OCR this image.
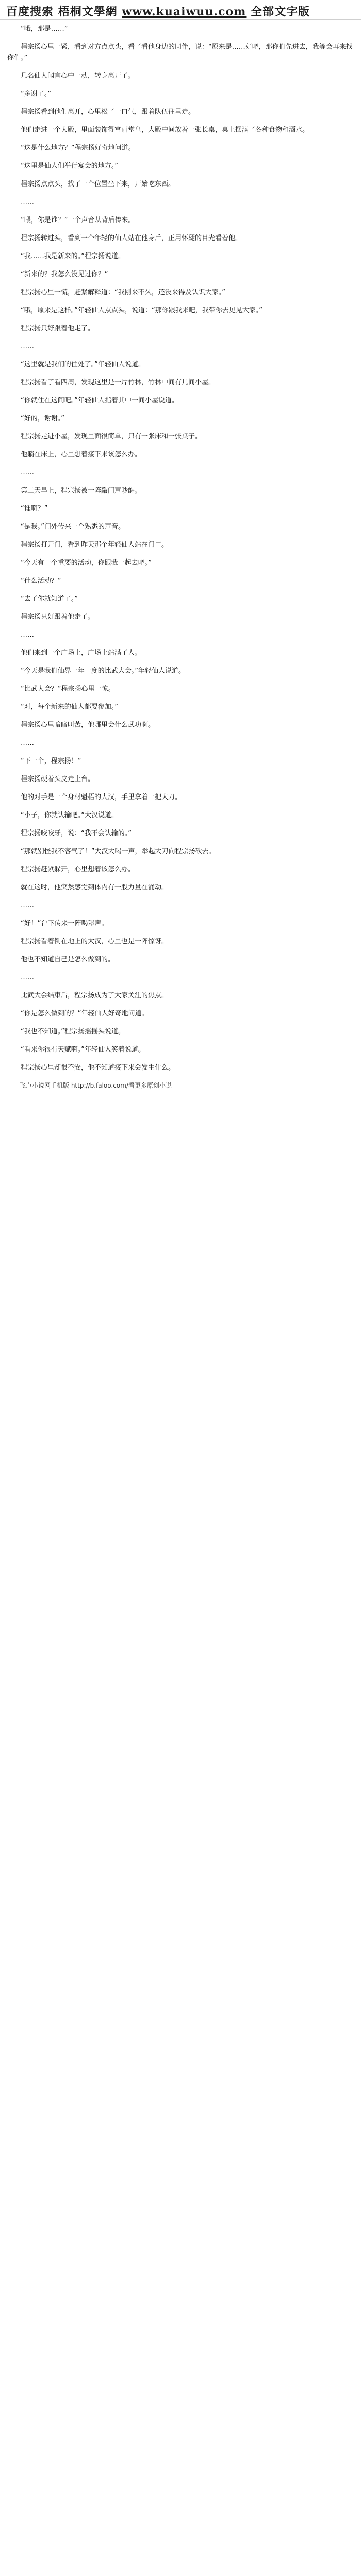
百度搜索 梧桐文學網 www.kuaiwuu.com 全部文字版

“哦，那是……”

程宗扬心里一紧，看到对方点点头，看了看他身边的同伴，说：“原来是……好吧，那你们先进去，我等会再来找你们。”

几名仙人闻言心中一动，转身离开了。

“多谢了。”

程宗扬看到他们离开，心里松了一口气，跟着队伍往里走。

他们走进一个大殿，里面装饰得富丽堂皇，大殿中间放着一张长桌，桌上摆满了各种食物和酒水。

“这是什么地方？”程宗扬好奇地问道。

“这里是仙人们举行宴会的地方。”

程宗扬点点头，找了一个位置坐下来，开始吃东西。

……

“喂，你是谁？”一个声音从背后传来。

程宗扬转过头，看到一个年轻的仙人站在他身后，正用怀疑的目光看着他。

“我……我是新来的。”程宗扬说道。

“新来的？我怎么没见过你？”

程宗扬心里一慌，赶紧解释道：“我刚来不久，还没来得及认识大家。”

“哦，原来是这样。”年轻仙人点点头，说道：“那你跟我来吧，我带你去见见大家。”

程宗扬只好跟着他走了。

……

“这里就是我们的住处了。”年轻仙人说道。

程宗扬看了看四周，发现这里是一片竹林，竹林中间有几间小屋。

“你就住在这间吧。”年轻仙人指着其中一间小屋说道。

“好的，谢谢。”

程宗扬走进小屋，发现里面很简单，只有一张床和一张桌子。

他躺在床上，心里想着接下来该怎么办。

……

第二天早上，程宗扬被一阵敲门声吵醒。

“谁啊？”

“是我。”门外传来一个熟悉的声音。

程宗扬打开门，看到昨天那个年轻仙人站在门口。

“今天有一个重要的活动，你跟我一起去吧。”

“什么活动？”

“去了你就知道了。”

程宗扬只好跟着他走了。

……

他们来到一个广场上，广场上站满了人。

“今天是我们仙界一年一度的比武大会。”年轻仙人说道。

“比武大会？”程宗扬心里一惊。

“对，每个新来的仙人都要参加。”

程宗扬心里暗暗叫苦，他哪里会什么武功啊。

……

“下一个，程宗扬！”

程宗扬硬着头皮走上台。

他的对手是一个身材魁梧的大汉，手里拿着一把大刀。

“小子，你就认输吧。”大汉说道。

程宗扬咬咬牙，说：“我不会认输的。”

“那就别怪我不客气了！”大汉大喝一声，举起大刀向程宗扬砍去。

程宗扬赶紧躲开，心里想着该怎么办。

就在这时，他突然感觉到体内有一股力量在涌动。

……

“好！”台下传来一阵喝彩声。

程宗扬看着倒在地上的大汉，心里也是一阵惊讶。

他也不知道自己是怎么做到的。

……

比武大会结束后，程宗扬成为了大家关注的焦点。

“你是怎么做到的？”年轻仙人好奇地问道。

“我也不知道。”程宗扬摇摇头说道。

“看来你很有天赋啊。”年轻仙人笑着说道。

程宗扬心里却很不安，他不知道接下来会发生什么。

飞卢小说网手机版 http://b.faloo.com/看更多原创小说
